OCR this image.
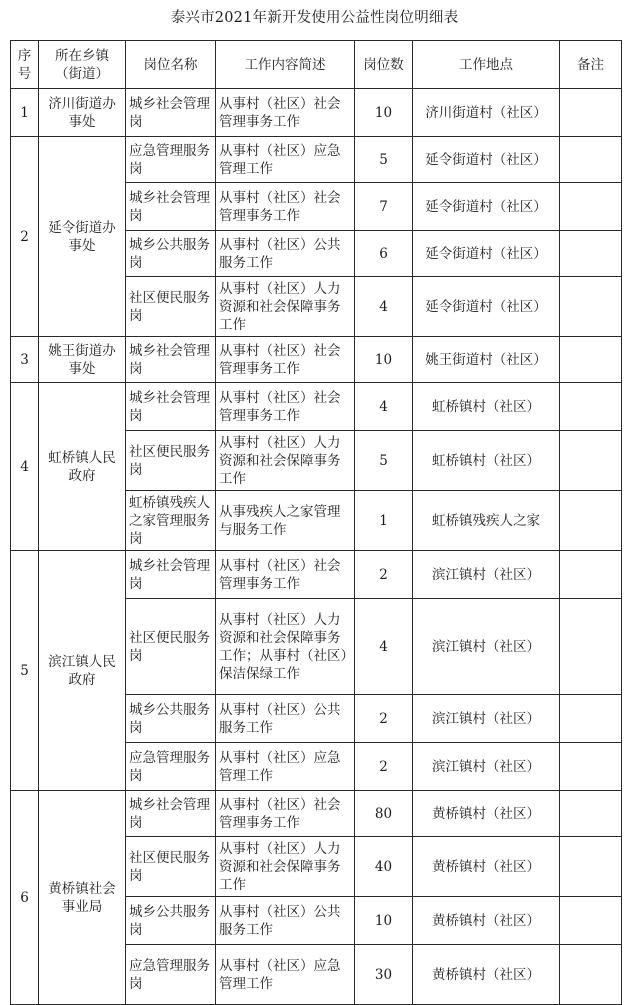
泰兴市2021年新开发使用公益性岗位明细表
序号	所在乡镇（街道）	岗位名称	工作内容简述	岗位数	工作地点	备注
1	济川街道办事处	城乡社会管理岗	从事村（社区）社会管理事务工作	10	济川街道村（社区）	
2	延令街道办事处	应急管理服务岗	从事村（社区）应急管理工作	5	延令街道村（社区）	
		城乡社会管理岗	从事村（社区）社会管理事务工作	7	延令街道村（社区）	
		城乡公共服务岗	从事村（社区）公共服务工作	6	延令街道村（社区）	
		社区便民服务岗	从事村（社区）人力资源和社会保障事务工作	4	延令街道村（社区）	
3	姚王街道办事处	城乡社会管理岗	从事村（社区）社会管理事务工作	10	姚王街道村（社区）	
4	虹桥镇人民政府	城乡社会管理岗	从事村（社区）社会管理事务工作	4	虹桥镇村（社区）	
		社区便民服务岗	从事村（社区）人力资源和社会保障事务工作	5	虹桥镇村（社区）	
		虹桥镇残疾人之家管理服务岗	从事残疾人之家管理与服务工作	1	虹桥镇残疾人之家	
5	滨江镇人民政府	城乡社会管理岗	从事村（社区）社会管理事务工作	2	滨江镇村（社区）	
		社区便民服务岗	从事村（社区）人力资源和社会保障事务工作；从事村（社区）保洁保绿工作	4	滨江镇村（社区）	
		城乡公共服务岗	从事村（社区）公共服务工作	2	滨江镇村（社区）	
		应急管理服务岗	从事村（社区）应急管理工作	2	滨江镇村（社区）	
6	黄桥镇社会事业局	城乡社会管理岗	从事村（社区）社会管理事务工作	80	黄桥镇村（社区）	
		社区便民服务岗	从事村（社区）人力资源和社会保障事务工作	40	黄桥镇村（社区）	
		城乡公共服务岗	从事村（社区）公共服务工作	10	黄桥镇村（社区）	
		应急管理服务岗	从事村（社区）应急管理工作	30	黄桥镇村（社区）	
